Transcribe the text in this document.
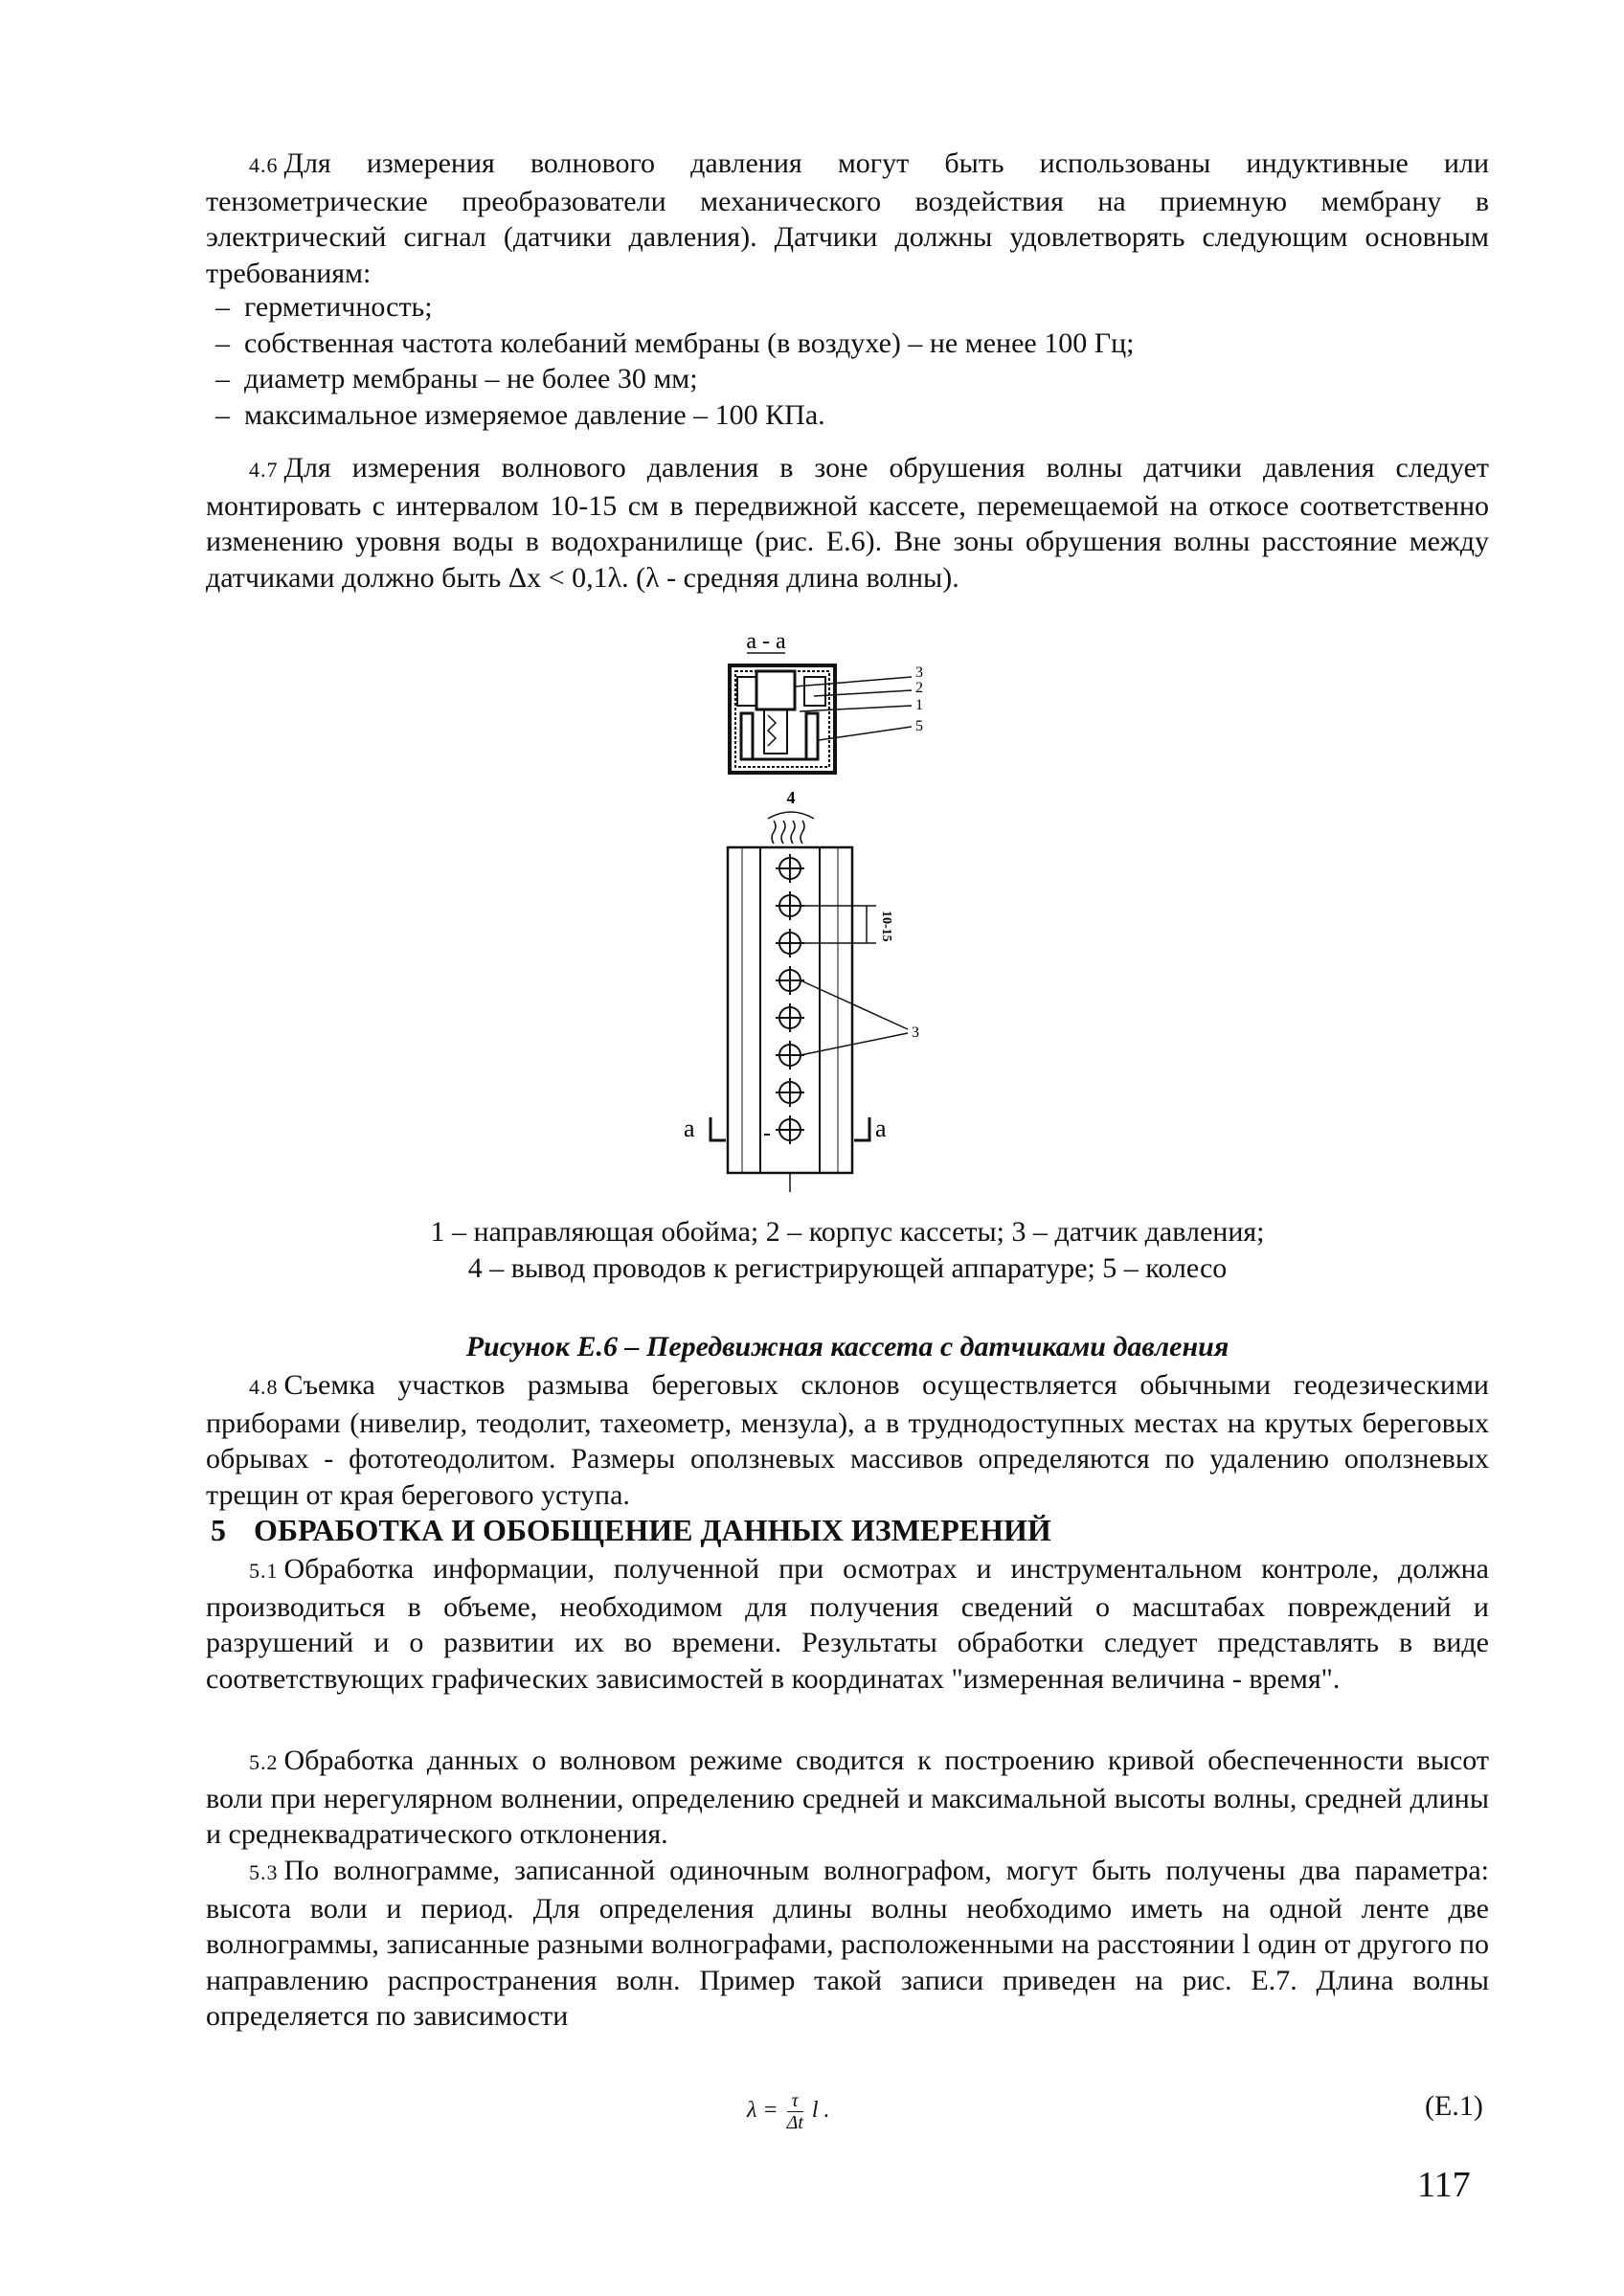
4.6 Для измерения волнового давления могут быть использованы индуктивные или тензометрические преобразователи механического воздействия на приемную мембрану в электрический сигнал (датчики давления). Датчики должны удовлетворять следующим основным требованиям:

– герметичность;
– собственная частота колебаний мембраны (в воздухе) – не менее 100 Гц;
– диаметр мембраны – не более 30 мм;
– максимальное измеряемое давление – 100 КПа.

4.7 Для измерения волнового давления в зоне обрушения волны датчики давления следует монтировать с интервалом 10-15 см в передвижной кассете, перемещаемой на откосе соответственно изменению уровня воды в водохранилище (рис. Е.6). Вне зоны обрушения волны расстояние между датчиками должно быть Δx < 0,1λ. (λ - средняя длина волны).

а - а
3
2
1
5
4
10-15
3
а	а

1 – направляющая обойма; 2 – корпус кассеты; 3 – датчик давления;

4 – вывод проводов к регистрирующей аппаратуре; 5 – колесо

Рисунок Е.6 – Передвижная кассета с датчиками давления

4.8 Съемка участков размыва береговых склонов осуществляется обычными геодезическими приборами (нивелир, теодолит, тахеометр, мензула), а в труднодоступных местах на крутых береговых обрывах - фототеодолитом. Размеры оползневых массивов определяются по удалению оползневых трещин от края берегового уступа.

5 ОБРАБОТКА И ОБОБЩЕНИЕ ДАННЫХ ИЗМЕРЕНИЙ

5.1 Обработка информации, полученной при осмотрах и инструментальном контроле, должна производиться в объеме, необходимом для получения сведений о масштабах повреждений и разрушений и о развитии их во времени. Результаты обработки следует представлять в виде соответствующих графических зависимостей в координатах "измеренная величина - время".

5.2 Обработка данных о волновом режиме сводится к построению кривой обеспеченности высот воли при нерегулярном волнении, определению средней и максимальной высоты волны, средней длины и среднеквадратического отклонения.

5.3 По волнограмме, записанной одиночным волнографом, могут быть получены два параметра: высота воли и период. Для определения длины волны необходимо иметь на одной ленте две волнограммы, записанные разными волнографами, расположенными на расстоянии l один от другого по направлению распространения волн. Пример такой записи приведен на рис. Е.7. Длина волны определяется по зависимости

$\lambda = \frac{\tau}{\Delta t}$ l .	(Е.1)
117
